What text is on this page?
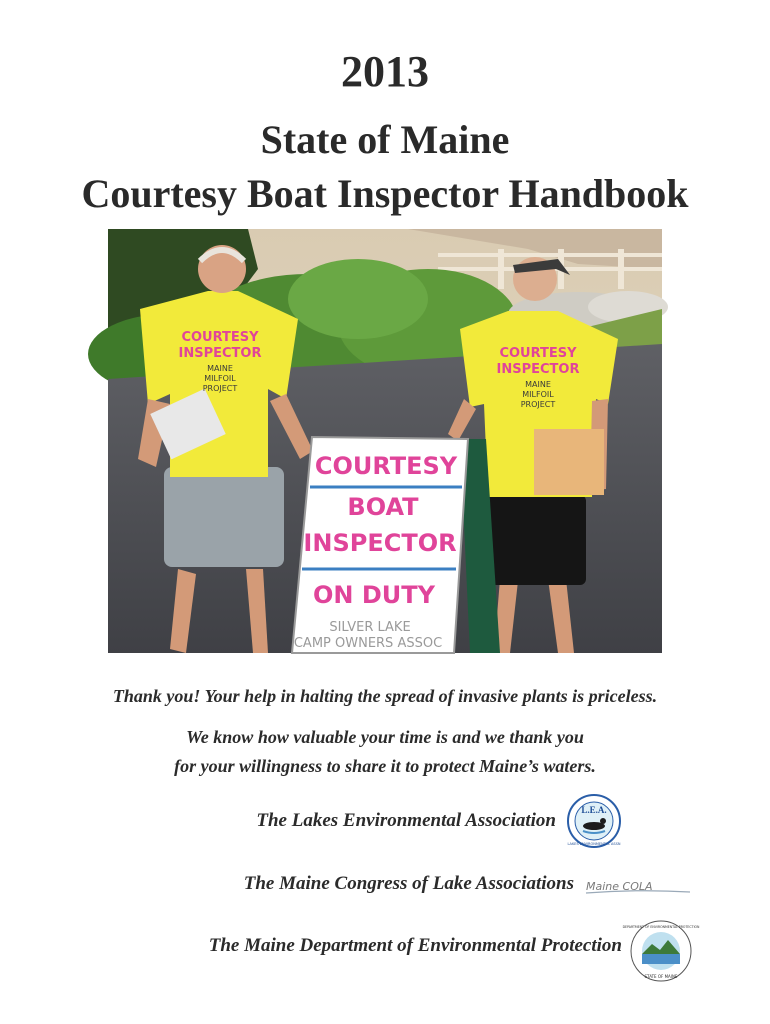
2013
State of Maine
Courtesy Boat Inspector Handbook
COURTESY
INSPECTOR
MAINE
MILFOIL
PROJECT
COURTESY
INSPECTOR
MAINE
MILFOIL
PROJECT
COURTESY
BOAT
INSPECTOR
ON DUTY
SILVER LAKE
CAMP OWNERS ASSOC
Thank you! Your help in halting the spread of invasive plants is priceless.
We know how valuable your time is and we thank you
for your willingness to share it to protect Maine’s waters.
The Lakes Environmental Association
The Maine Congress of Lake Associations
The Maine Department of Environmental Protection
L.E.A.
LAKES ENVIRONMENTAL ASSN
Maine COLA
DEPARTMENT OF ENVIRONMENTAL PROTECTION
STATE OF MAINE
